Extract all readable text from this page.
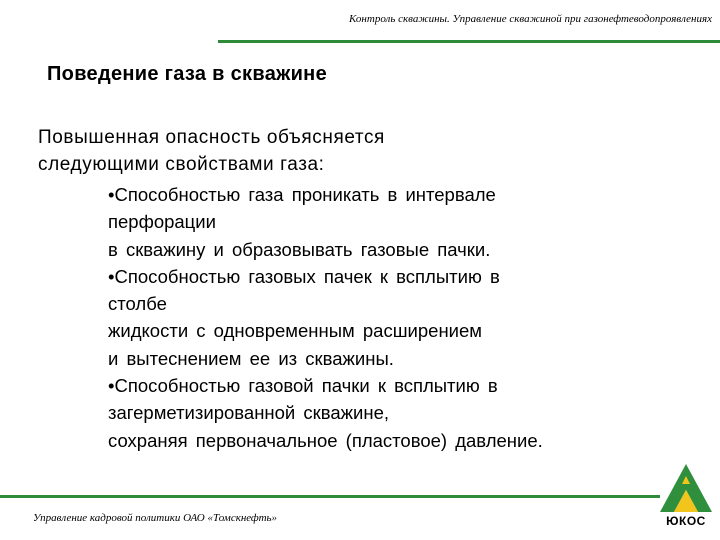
Контроль скважины. Управление скважиной при газонефтеводопроявлениях
Поведение газа в скважине
Повышенная опасность объясняется
следующими свойствами газа:
•Способностью газа проникать в интервале
перфорации
в скважину и образовывать газовые пачки.
•Способностью газовых пачек к всплытию в
столбе
жидкости с одновременным расширением
и вытеснением ее из скважины.
•Способностью газовой пачки к всплытию в
загерметизированной скважине,
сохраняя первоначальное (пластовое) давление.
Управление кадровой политики ОАО «Томскнефть»	ЮКОС
